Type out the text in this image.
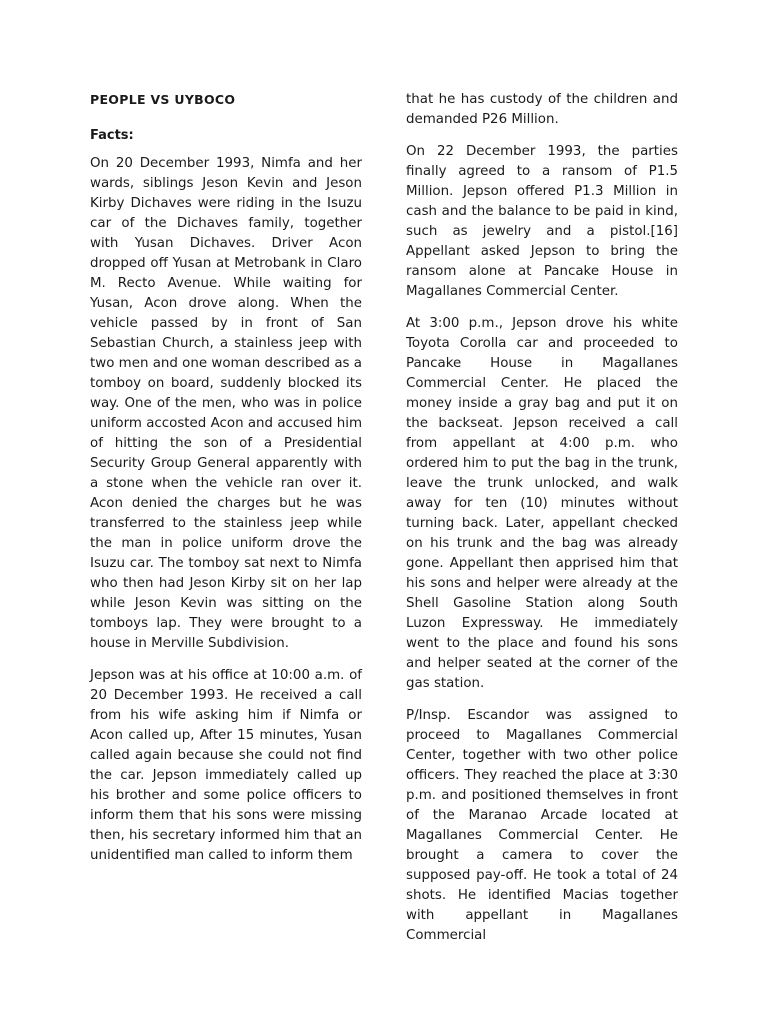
PEOPLE VS UYBOCO
Facts:

On 20 December 1993, Nimfa and her wards, siblings Jeson Kevin and Jeson Kirby Dichaves were riding in the Isuzu car of the Dichaves family, together with Yusan Dichaves. Driver Acon dropped off Yusan at Metrobank in Claro M. Recto Avenue. While waiting for Yusan, Acon drove along. When the vehicle passed by in front of San Sebastian Church, a stainless jeep with two men and one woman described as a tomboy on board, suddenly blocked its way. One of the men, who was in police uniform accosted Acon and accused him of hitting the son of a Presidential Security Group General apparently with a stone when the vehicle ran over it. Acon denied the charges but he was transferred to the stainless jeep while the man in police uniform drove the Isuzu car. The tomboy sat next to Nimfa who then had Jeson Kirby sit on her lap while Jeson Kevin was sitting on the tomboys lap. They were brought to a house in Merville Subdivision.

Jepson was at his office at 10:00 a.m. of 20 December 1993. He received a call from his wife asking him if Nimfa or Acon called up, After 15 minutes, Yusan called again because she could not find the car. Jepson immediately called up his brother and some police officers to inform them that his sons were missing then, his secretary informed him that an unidentified man called to inform them

that he has custody of the children and demanded P26 Million.

On 22 December 1993, the parties finally agreed to a ransom of P1.5 Million. Jepson offered P1.3 Million in cash and the balance to be paid in kind, such as jewelry and a pistol.[16] Appellant asked Jepson to bring the ransom alone at Pancake House in Magallanes Commercial Center.

At 3:00 p.m., Jepson drove his white Toyota Corolla car and proceeded to Pancake House in Magallanes Commercial Center. He placed the money inside a gray bag and put it on the backseat. Jepson received a call from appellant at 4:00 p.m. who ordered him to put the bag in the trunk, leave the trunk unlocked, and walk away for ten (10) minutes without turning back. Later, appellant checked on his trunk and the bag was already gone. Appellant then apprised him that his sons and helper were already at the Shell Gasoline Station along South Luzon Expressway. He immediately went to the place and found his sons and helper seated at the corner of the gas station.

P/Insp. Escandor was assigned to proceed to Magallanes Commercial Center, together with two other police officers. They reached the place at 3:30 p.m. and positioned themselves in front of the Maranao Arcade located at Magallanes Commercial Center. He brought a camera to cover the supposed pay-off. He took a total of 24 shots. He identified Macias together with appellant in Magallanes Commercial
